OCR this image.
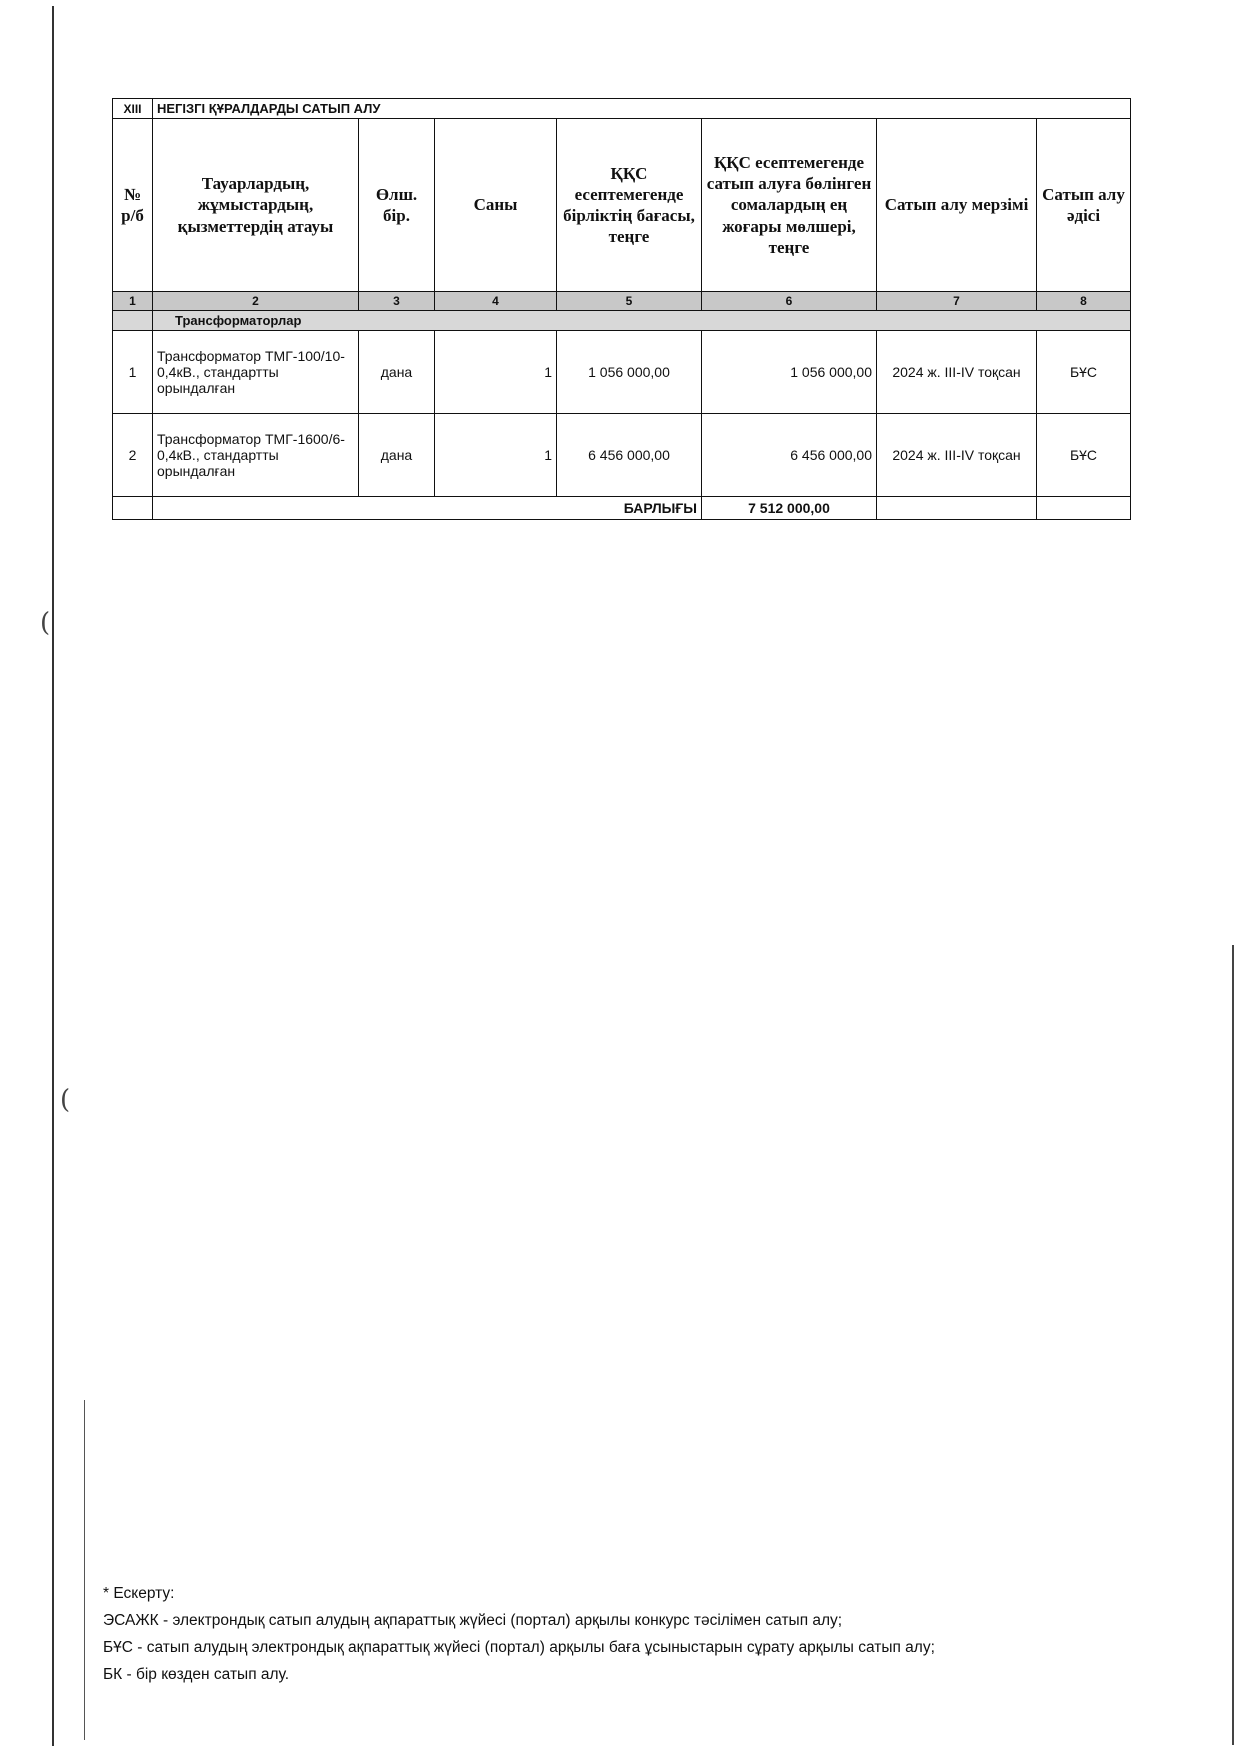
(
(
XIII	НЕГІЗГІ ҚҰРАЛДАРДЫ САТЫП АЛУ						
№ р/б	Тауарлардың, жұмыстардың, қызметтердің атауы	Өлш. бір.	Саны	ҚҚС есептемегенде бірліктің бағасы, теңге	ҚҚС есептемегенде сатып алуға бөлінген сомалардың ең жоғары мөлшері, теңге	Сатып алу мерзімі	Сатып алу әдісі
1	2	3	4	5	6	7	8
	Трансформаторлар						
1	Трансформатор ТМГ-100/10-0,4кВ., стандартты орындалған	дана	1	1 056 000,00	1 056 000,00	2024 ж. III-IV тоқсан	БҰС
2	Трансформатор ТМГ-1600/6-0,4кВ., стандартты орындалған	дана	1	6 456 000,00	6 456 000,00	2024 ж. III-IV тоқсан	БҰС
	БАРЛЫҒЫ				7 512 000,00		

* Ескерту:

ЭСАЖК - электрондық сатып алудың ақпараттық жүйесі (портал) арқылы конкурс тәсілімен сатып алу;

БҰС - сатып алудың электрондық ақпараттық жүйесі (портал) арқылы баға ұсыныстарын сұрату арқылы сатып алу;

БК - бір көзден сатып алу.
